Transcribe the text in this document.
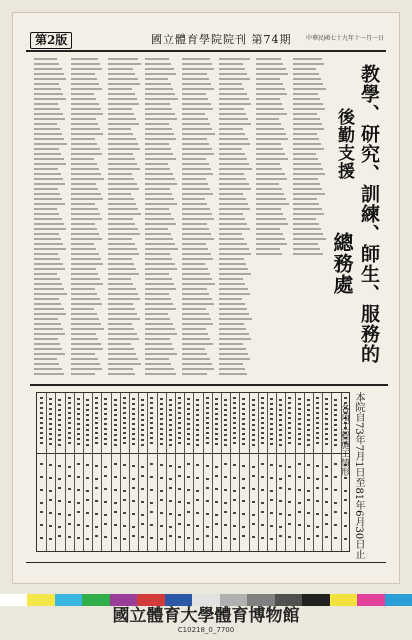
第2版	國立體育學院院刊 第74期 中華民國七十九年十一月一日
教學、研究、訓練、師生、服務的
後勤支援
總務處
本院自73年7月1日至81年6月30日止
各項工程施工情形
國立體育大學體育博物館
C10218_0_7700
